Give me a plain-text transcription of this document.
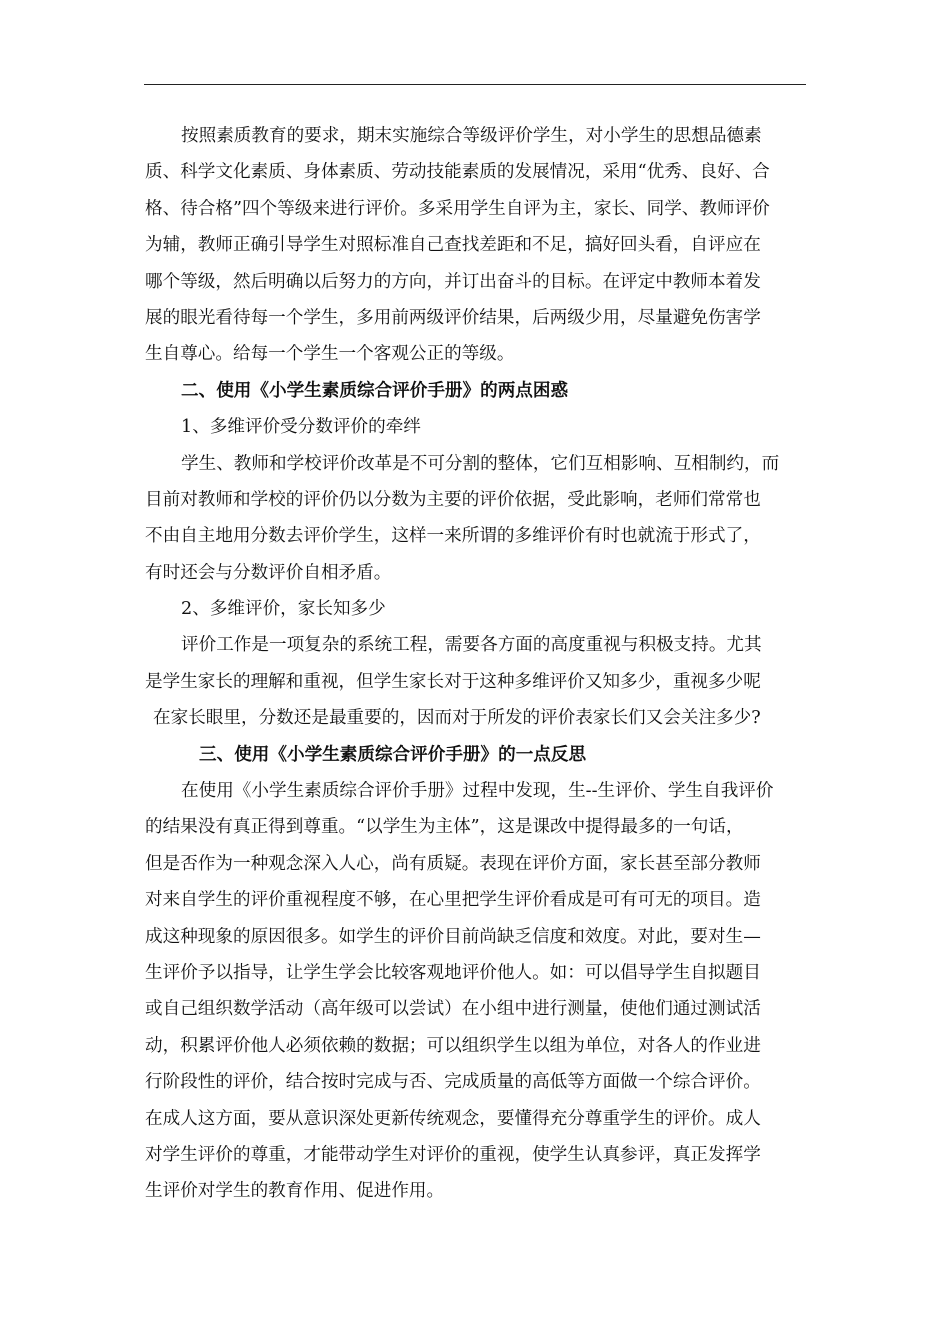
按照素质教育的要求，期末实施综合等级评价学生，对小学生的思想品德素
质、科学文化素质、身体素质、劳动技能素质的发展情况，采用“优秀、良好、合
格、待合格”四个等级来进行评价。多采用学生自评为主，家长、同学、教师评价
为辅，教师正确引导学生对照标准自己查找差距和不足，搞好回头看，自评应在
哪个等级，然后明确以后努力的方向，并订出奋斗的目标。在评定中教师本着发
展的眼光看待每一个学生，多用前两级评价结果，后两级少用，尽量避免伤害学
生自尊心。给每一个学生一个客观公正的等级。
二、使用《小学生素质综合评价手册》的两点困惑
1、多维评价受分数评价的牵绊
学生、教师和学校评价改革是不可分割的整体，它们互相影响、互相制约，而
目前对教师和学校的评价仍以分数为主要的评价依据，受此影响，老师们常常也
不由自主地用分数去评价学生，这样一来所谓的多维评价有时也就流于形式了，
有时还会与分数评价自相矛盾。
2、多维评价，家长知多少
评价工作是一项复杂的系统工程，需要各方面的高度重视与积极支持。尤其
是学生家长的理解和重视，但学生家长对于这种多维评价又知多少，重视多少呢
在家长眼里，分数还是最重要的，因而对于所发的评价表家长们又会关注多少?
三、使用《小学生素质综合评价手册》的一点反思
在使用《小学生素质综合评价手册》过程中发现，生--生评价、学生自我评价
的结果没有真正得到尊重。“以学生为主体”，这是课改中提得最多的一句话，
但是否作为一种观念深入人心，尚有质疑。表现在评价方面，家长甚至部分教师
对来自学生的评价重视程度不够，在心里把学生评价看成是可有可无的项目。造
成这种现象的原因很多。如学生的评价目前尚缺乏信度和效度。对此，要对生—
生评价予以指导，让学生学会比较客观地评价他人。如：可以倡导学生自拟题目
或自己组织数学活动（高年级可以尝试）在小组中进行测量，使他们通过测试活
动，积累评价他人必须依赖的数据；可以组织学生以组为单位，对各人的作业进
行阶段性的评价，结合按时完成与否、完成质量的高低等方面做一个综合评价。
在成人这方面，要从意识深处更新传统观念，要懂得充分尊重学生的评价。成人
对学生评价的尊重，才能带动学生对评价的重视，使学生认真参评，真正发挥学
生评价对学生的教育作用、促进作用。
